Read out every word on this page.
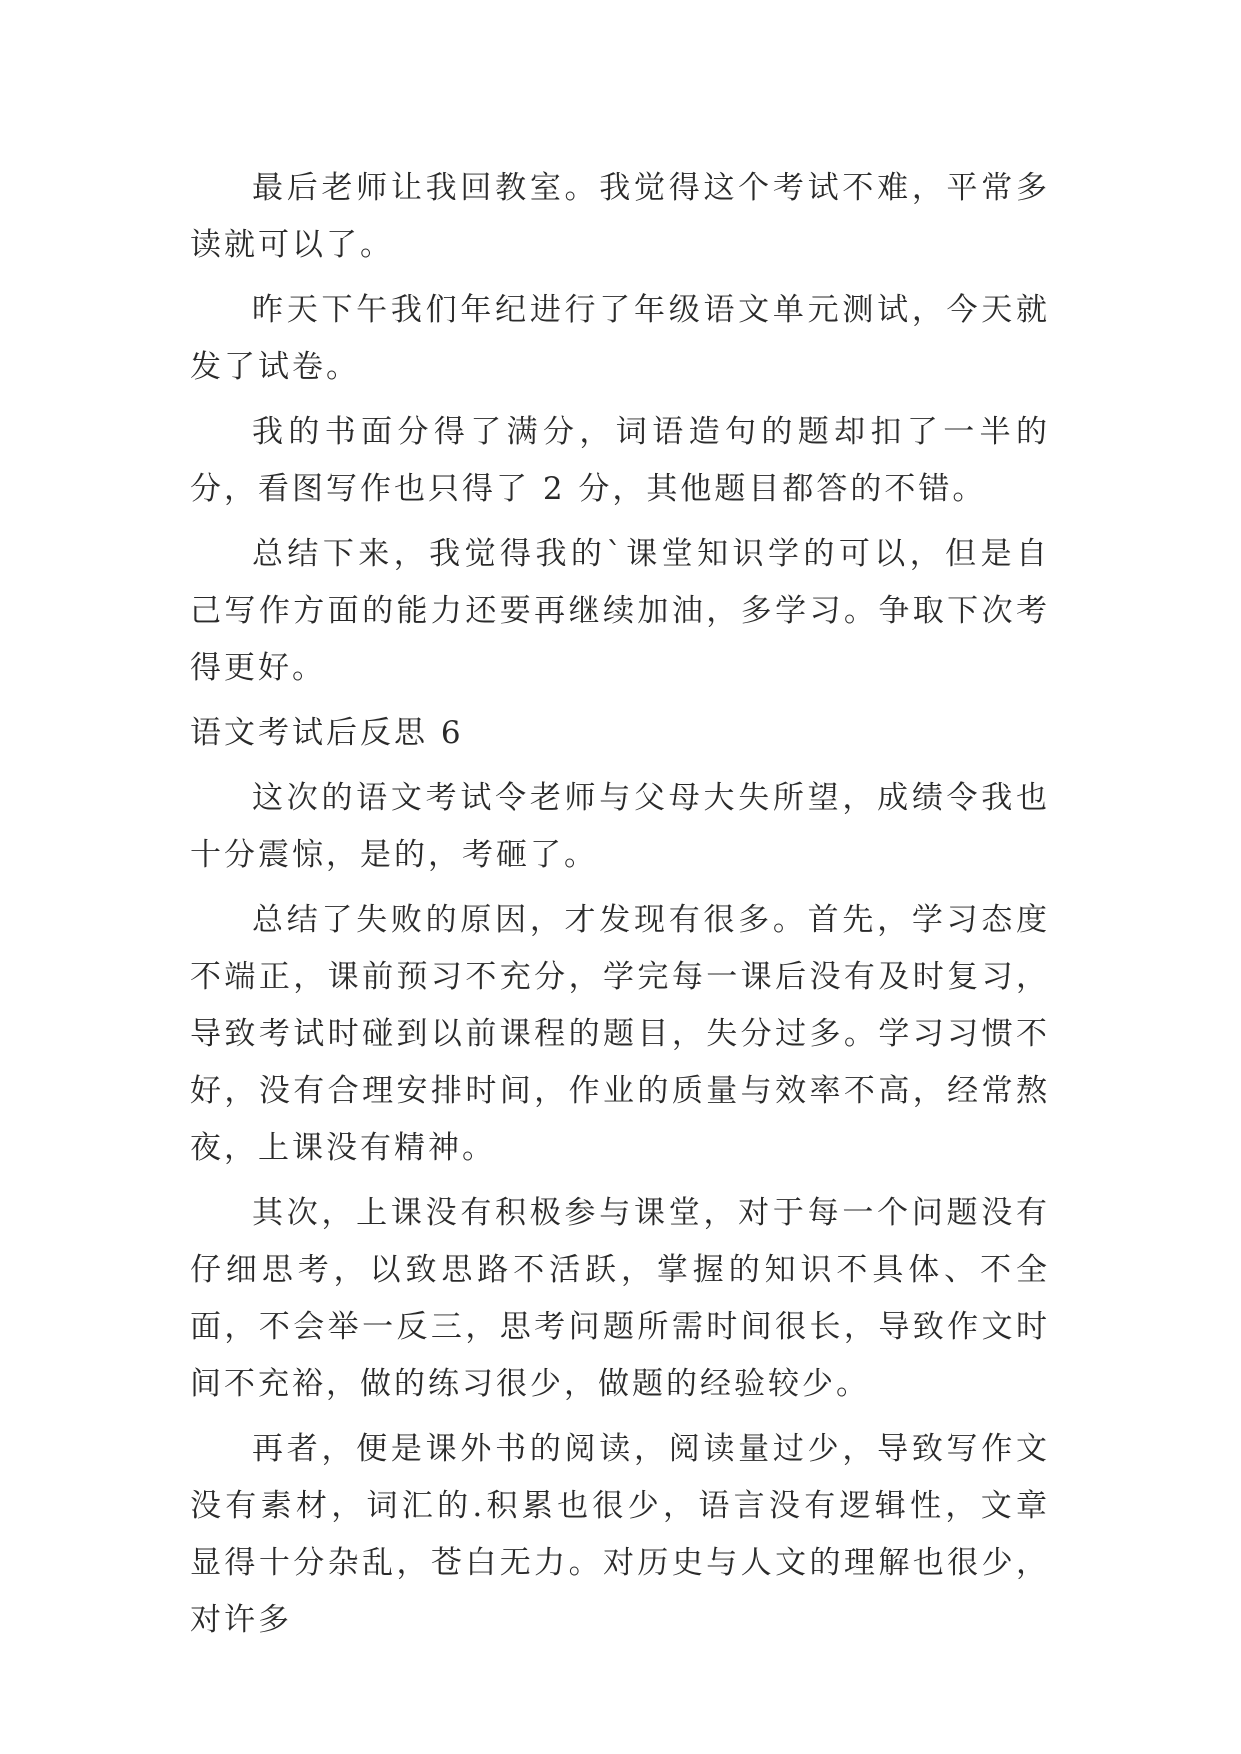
最后老师让我回教室。我觉得这个考试不难，平常多读就可以了。

昨天下午我们年纪进行了年级语文单元测试，今天就发了试卷。

我的书面分得了满分，词语造句的题却扣了一半的分，看图写作也只得了 2 分，其他题目都答的不错。

总结下来，我觉得我的`课堂知识学的可以，但是自己写作方面的能力还要再继续加油，多学习。争取下次考得更好。

语文考试后反思 6

这次的语文考试令老师与父母大失所望，成绩令我也十分震惊，是的，考砸了。

总结了失败的原因，才发现有很多。首先，学习态度不端正，课前预习不充分，学完每一课后没有及时复习，导致考试时碰到以前课程的题目，失分过多。学习习惯不好，没有合理安排时间，作业的质量与效率不高，经常熬夜，上课没有精神。

其次，上课没有积极参与课堂，对于每一个问题没有仔细思考，以致思路不活跃，掌握的知识不具体、不全面，不会举一反三，思考问题所需时间很长，导致作文时间不充裕，做的练习很少，做题的经验较少。

再者，便是课外书的阅读，阅读量过少，导致写作文没有素材，词汇的.积累也很少，语言没有逻辑性，文章显得十分杂乱，苍白无力。对历史与人文的理解也很少，对许多
